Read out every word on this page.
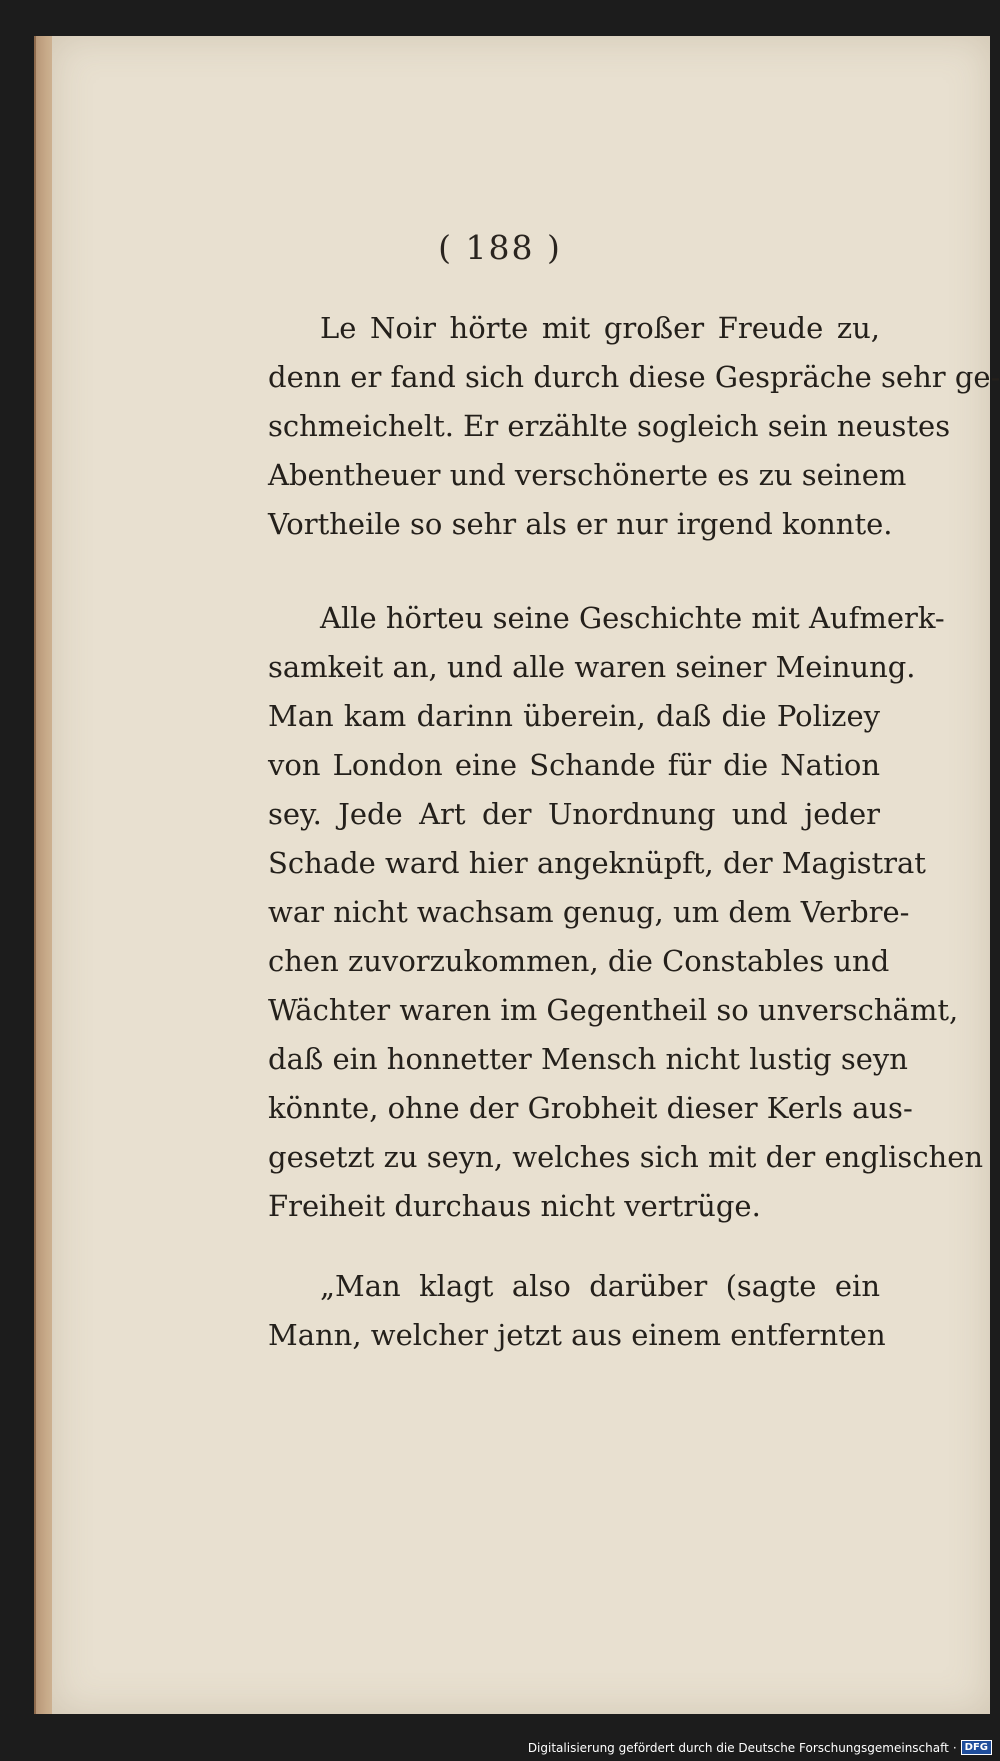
( 188 )
Le Noir hörte mit großer Freude zu,
denn er fand sich durch diese Gespräche sehr ge-
schmeichelt. Er erzählte sogleich sein neustes
Abentheuer und verschönerte es zu seinem
Vortheile so sehr als er nur irgend konnte.
Alle hörteu seine Geschichte mit Aufmerk-
samkeit an, und alle waren seiner Meinung.
Man kam darinn überein, daß die Polizey
von London eine Schande für die Nation
sey. Jede Art der Unordnung und jeder
Schade ward hier angeknüpft, der Magistrat
war nicht wachsam genug, um dem Verbre-
chen zuvorzukommen, die Constables und
Wächter waren im Gegentheil so unverschämt,
daß ein honnetter Mensch nicht lustig seyn
könnte, ohne der Grobheit dieser Kerls aus-
gesetzt zu seyn, welches sich mit der englischen
Freiheit durchaus nicht vertrüge.
„Man klagt also darüber (sagte ein
Mann, welcher jetzt aus einem entfernten
Digitalisierung gefördert durch die Deutsche Forschungsgemeinschaft · DFG
